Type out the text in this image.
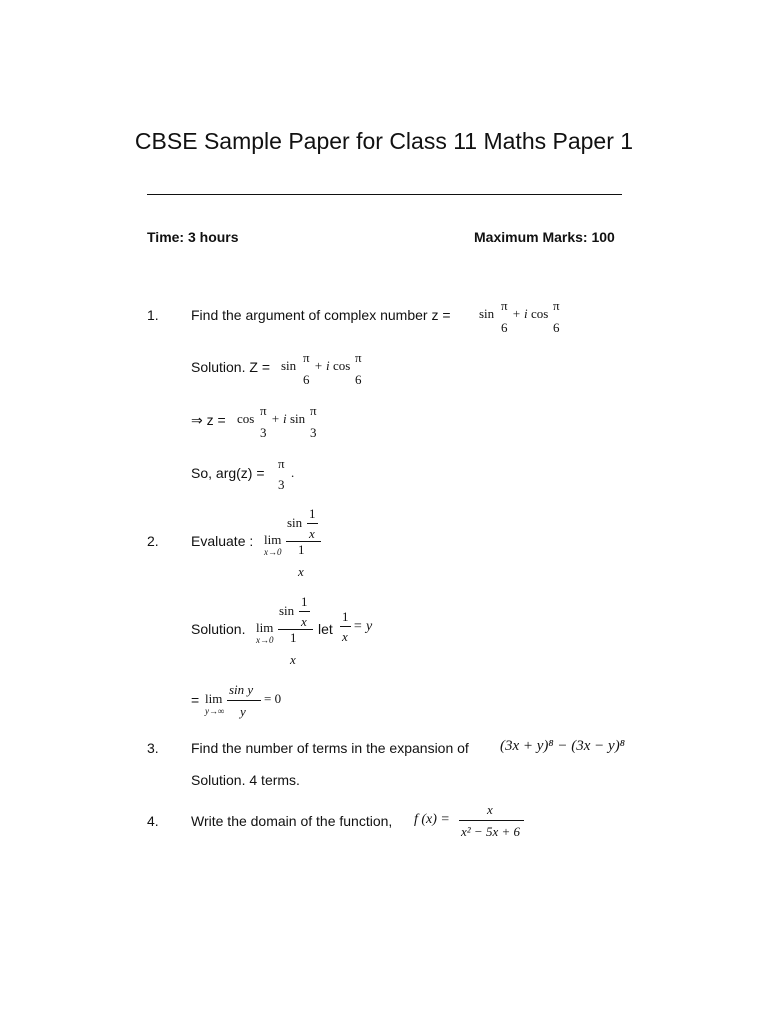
CBSE Sample Paper for Class 11 Maths Paper 1
Time: 3 hours	Maximum Marks: 100
1. Find the argument of complex number z = sin
π
6
+ i cos
π
6
Solution. Z = sin
π
6
+ i cos
π
6
⇒ z = cos
π
3
+ i sin
π
3
So, arg(z) =
π
3
.
2. Evaluate : lim
x→0
sin
1
x
1
x
Solution. lim
x→0
sin
1
x
1
x
let
1
x
= y
= lim
y→∞
sin y
y
= 0
3. Find the number of terms in the expansion of (3x + y)⁸ − (3x − y)⁸
Solution. 4 terms.
4. Write the domain of the function, f (x) =
x
x² − 5x + 6
